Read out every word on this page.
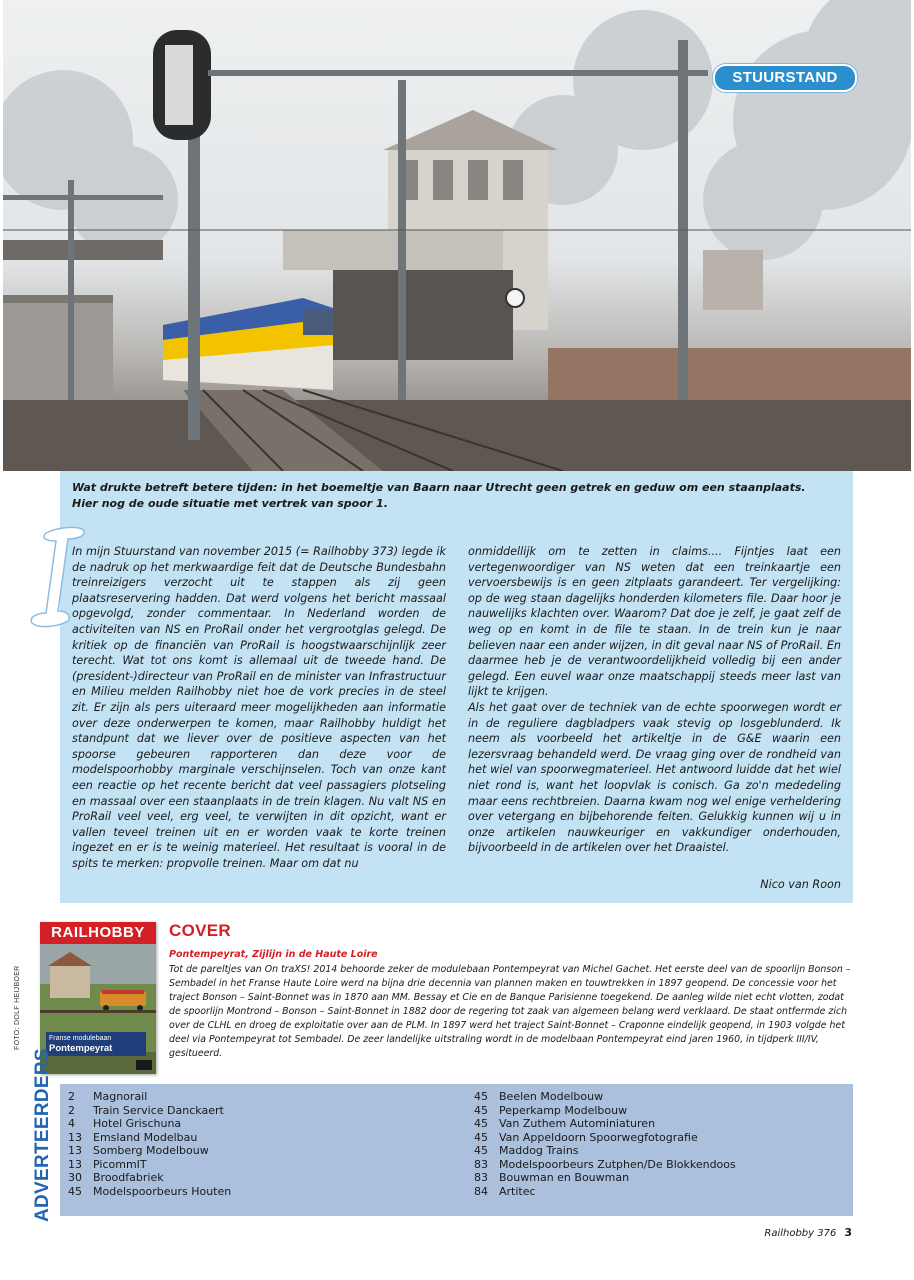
STUURSTAND
Wat drukte betreft betere tijden: in het boemeltje van Baarn naar Utrecht geen getrek en geduw om een staanplaats. Hier nog de oude situatie met vertrek van spoor 1.

In mijn Stuurstand van november 2015 (= Railhobby 373) legde ik de nadruk op het merkwaardige feit dat de Deutsche Bundesbahn treinreizigers verzocht uit te stappen als zij geen plaatsreservering hadden. Dat werd volgens het bericht massaal opgevolgd, zonder commentaar. In Nederland worden de activiteiten van NS en ProRail onder het vergrootglas gelegd. De kritiek op de financiën van ProRail is hoogstwaarschijnlijk zeer terecht. Wat tot ons komt is allemaal uit de tweede hand. De (president-)directeur van ProRail en de minister van Infrastructuur en Milieu melden Railhobby niet hoe de vork precies in de steel zit. Er zijn als pers uiteraard meer mogelijkheden aan informatie over deze onderwerpen te komen, maar Railhobby huldigt het standpunt dat we liever over de positieve aspecten van het spoorse gebeuren rapporteren dan deze voor de modelspoorhobby marginale verschijnselen. Toch van onze kant een reactie op het recente bericht dat veel passagiers plotseling en massaal over een staanplaats in de trein klagen. Nu valt NS en ProRail veel veel, erg veel, te verwijten in dit opzicht, want er vallen teveel treinen uit en er worden vaak te korte treinen ingezet en er is te weinig materieel. Het resultaat is vooral in de spits te merken: propvolle treinen. Maar om dat nu

onmiddellijk om te zetten in claims.... Fijntjes laat een vertegenwoordiger van NS weten dat een treinkaartje een vervoersbewijs is en geen zitplaats garandeert. Ter vergelijking: op de weg staan dagelijks honderden kilometers file. Daar hoor je nauwelijks klachten over. Waarom? Dat doe je zelf, je gaat zelf de weg op en komt in de file te staan. In de trein kun je naar believen naar een ander wijzen, in dit geval naar NS of ProRail. En daarmee heb je de verantwoordelijkheid volledig bij een ander gelegd. Een euvel waar onze maatschappij steeds meer last van lijkt te krijgen.

Als het gaat over de techniek van de echte spoorwegen wordt er in de reguliere dagbladpers vaak stevig op losgeblunderd. Ik neem als voorbeeld het artikeltje in de G&E waarin een lezersvraag behandeld werd. De vraag ging over de rondheid van het wiel van spoorwegmaterieel. Het antwoord luidde dat het wiel niet rond is, want het loopvlak is conisch. Ga zo'n mededeling maar eens rechtbreien. Daarna kwam nog wel enige verheldering over vetergang en bijbehorende feiten. Gelukkig kunnen wij u in onze artikelen nauwkeuriger en vakkundiger onderhouden, bijvoorbeeld in de artikelen over het Draaistel.

Nico van Roon
RAILHOBBY
Franse modulebaan
Pontempeyrat
FOTO: DOLF HEIJBOER
COVER
Pontempeyrat, Zijlijn in de Haute Loire
Tot de pareltjes van On traXS! 2014 behoorde zeker de modulebaan Pontempeyrat van Michel Gachet. Het eerste deel van de spoorlijn Bonson – Sembadel in het Franse Haute Loire werd na bijna drie decennia van plannen maken en touwtrekken in 1897 geopend. De concessie voor het traject Bonson – Saint-Bonnet was in 1870 aan MM. Bessay et Cie en de Banque Parisienne toegekend. De aanleg wilde niet echt vlotten, zodat de spoorlijn Montrond – Bonson – Saint-Bonnet in 1882 door de regering tot zaak van algemeen belang werd verklaard. De staat ontfermde zich over de CLHL en droeg de exploitatie over aan de PLM. In 1897 werd het traject Saint-Bonnet – Craponne eindelijk geopend, in 1903 volgde het deel via Pontempeyrat tot Sembadel. De zeer landelijke uitstraling wordt in de modelbaan Pontempeyrat eind jaren 1960, in tijdperk III/IV, gesitueerd.
ADVERTEERDERS 2	Magnorail
2	Train Service Danckaert
4	Hotel Grischuna
13	Emsland Modelbau
13	Somberg Modelbouw
13	PicommIT
30	Broodfabriek
45	Modelspoorbeurs Houten
45	Beelen Modelbouw
45	Peperkamp Modelbouw
45	Van Zuthem Autominiaturen
45	Van Appeldoorn Spoorwegfotografie
45	Maddog Trains
83	Modelspoorbeurs Zutphen/De Blokkendoos
83	Bouwman en Bouwman
84	Artitec
Railhobby 376 3
